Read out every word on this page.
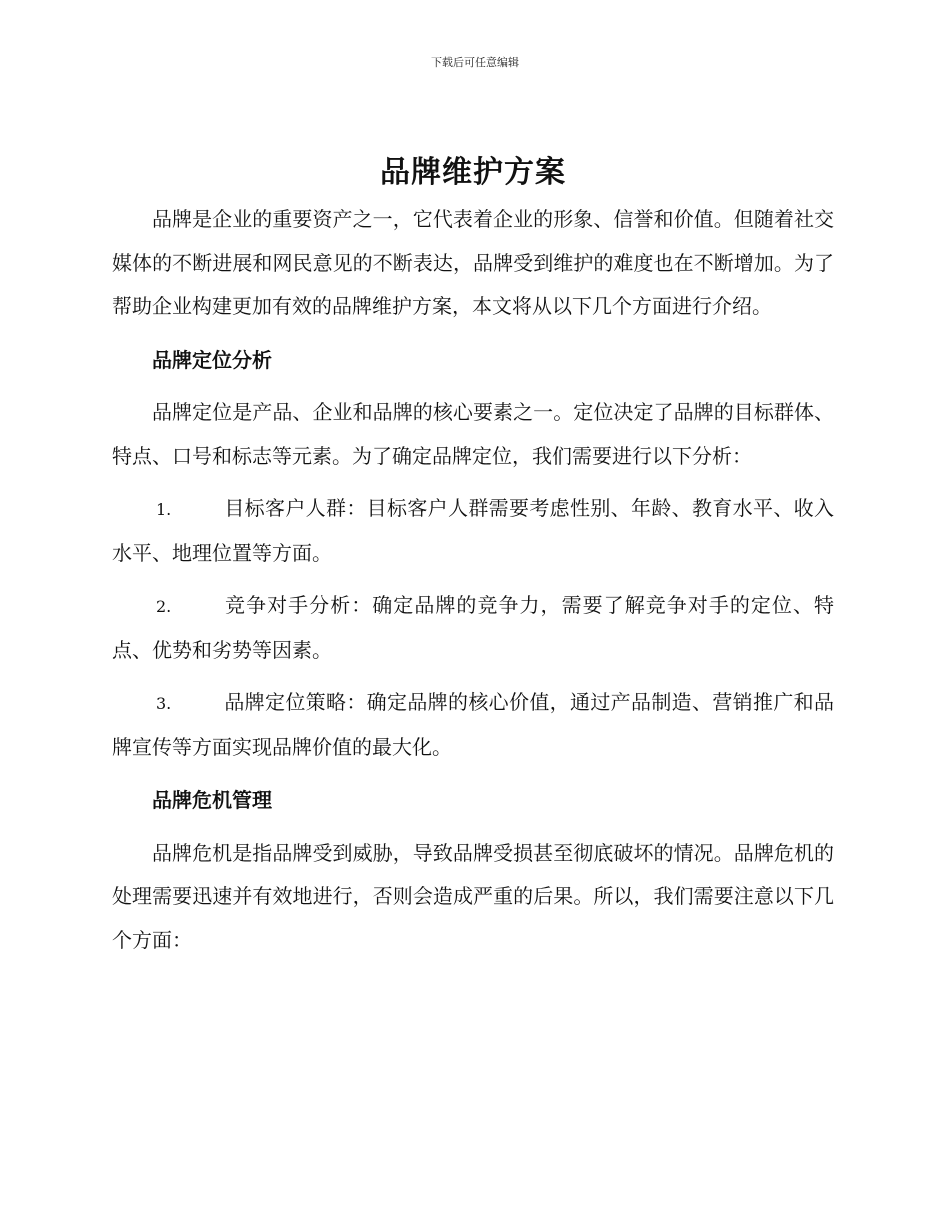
下载后可任意编辑
品牌维护方案

品牌是企业的重要资产之一，它代表着企业的形象、信誉和价值。但随着社交媒体的不断进展和网民意见的不断表达，品牌受到维护的难度也在不断增加。为了帮助企业构建更加有效的品牌维护方案，本文将从以下几个方面进行介绍。

品牌定位分析

品牌定位是产品、企业和品牌的核心要素之一。定位决定了品牌的目标群体、特点、口号和标志等元素。为了确定品牌定位，我们需要进行以下分析：

1.	目标客户人群：目标客户人群需要考虑性别、年龄、教育水平、收入水平、地理位置等方面。

2.	竞争对手分析：确定品牌的竞争力，需要了解竞争对手的定位、特点、优势和劣势等因素。

3.	品牌定位策略：确定品牌的核心价值，通过产品制造、营销推广和品牌宣传等方面实现品牌价值的最大化。

品牌危机管理

品牌危机是指品牌受到威胁，导致品牌受损甚至彻底破坏的情况。品牌危机的处理需要迅速并有效地进行，否则会造成严重的后果。所以，我们需要注意以下几个方面：
